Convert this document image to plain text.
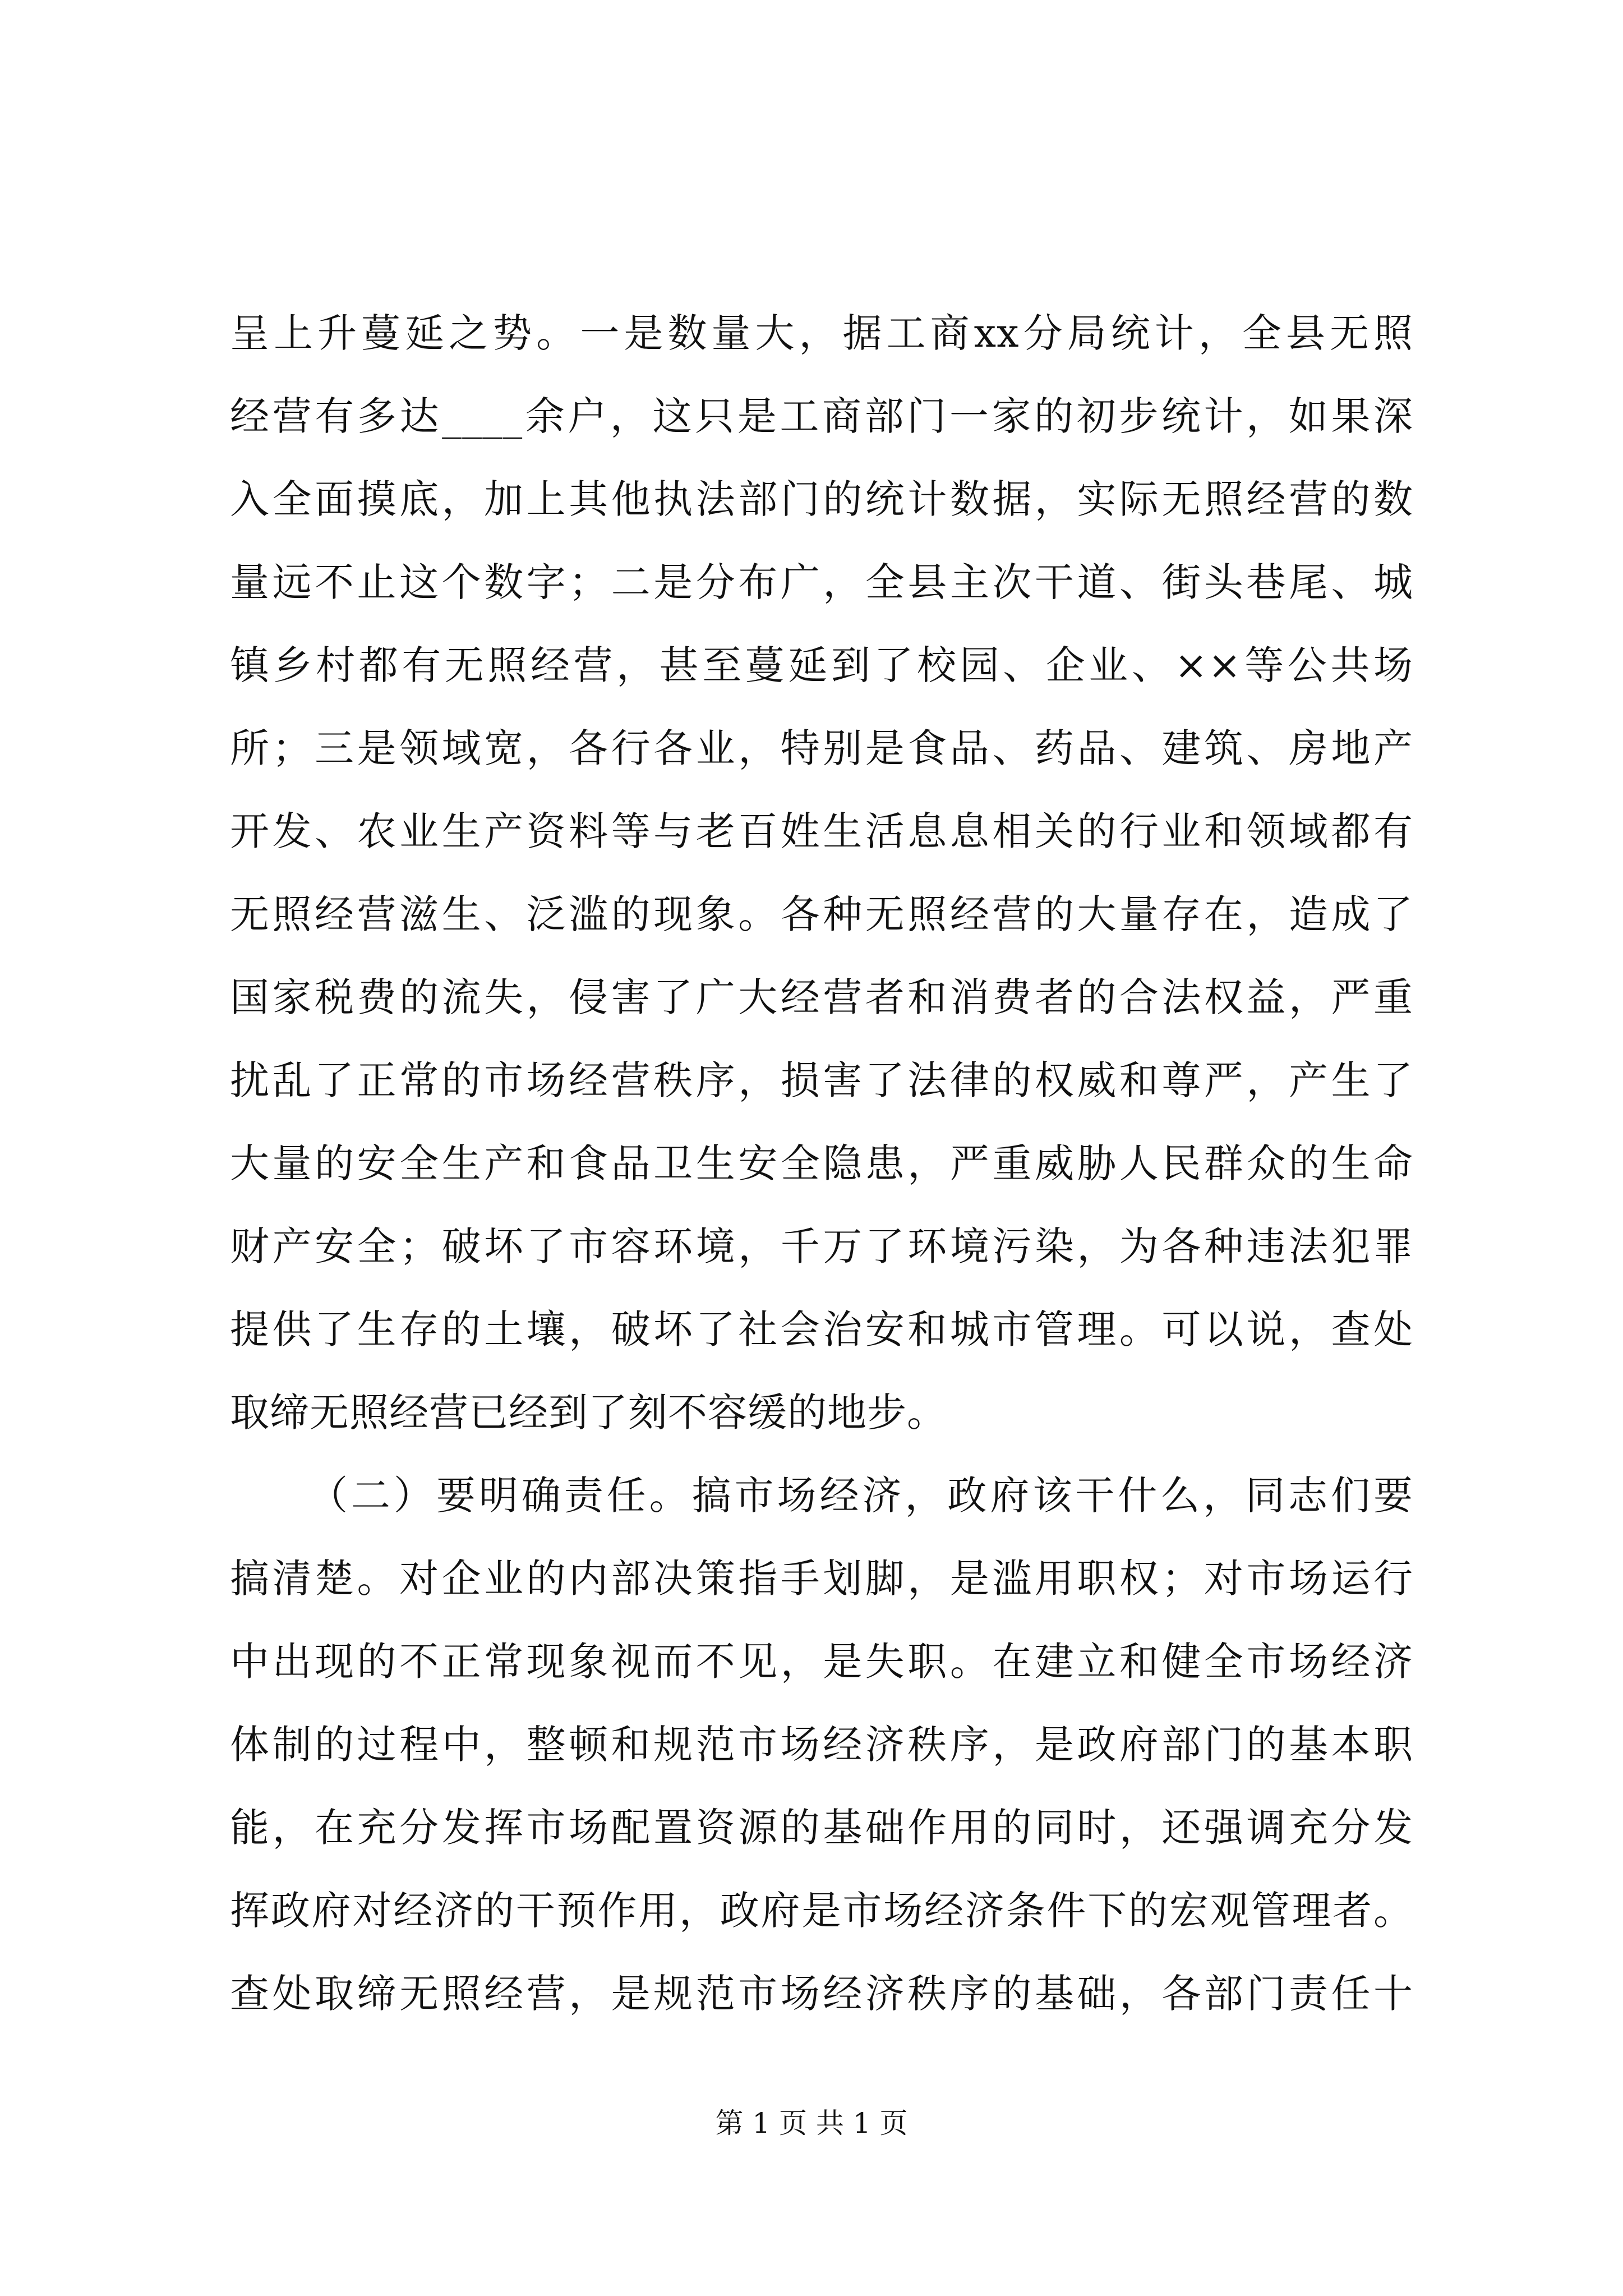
呈上升蔓延之势。一是数量大，据工商xx分局统计，全县无照
经营有多达____余户，这只是工商部门一家的初步统计，如果深
入全面摸底，加上其他执法部门的统计数据，实际无照经营的数
量远不止这个数字；二是分布广，全县主次干道、街头巷尾、城
镇乡村都有无照经营，甚至蔓延到了校园、企业、××等公共场
所；三是领域宽，各行各业，特别是食品、药品、建筑、房地产
开发、农业生产资料等与老百姓生活息息相关的行业和领域都有
无照经营滋生、泛滥的现象。各种无照经营的大量存在，造成了
国家税费的流失，侵害了广大经营者和消费者的合法权益，严重
扰乱了正常的市场经营秩序，损害了法律的权威和尊严，产生了
大量的安全生产和食品卫生安全隐患，严重威胁人民群众的生命
财产安全；破坏了市容环境，千万了环境污染，为各种违法犯罪
提供了生存的土壤，破坏了社会治安和城市管理。可以说，查处
取缔无照经营已经到了刻不容缓的地步。
（二）要明确责任。搞市场经济，政府该干什么，同志们要
搞清楚。对企业的内部决策指手划脚，是滥用职权；对市场运行
中出现的不正常现象视而不见，是失职。在建立和健全市场经济
体制的过程中，整顿和规范市场经济秩序，是政府部门的基本职
能，在充分发挥市场配置资源的基础作用的同时，还强调充分发
挥政府对经济的干预作用，政府是市场经济条件下的宏观管理者。
查处取缔无照经营，是规范市场经济秩序的基础，各部门责任十
第 1 页 共 1 页
